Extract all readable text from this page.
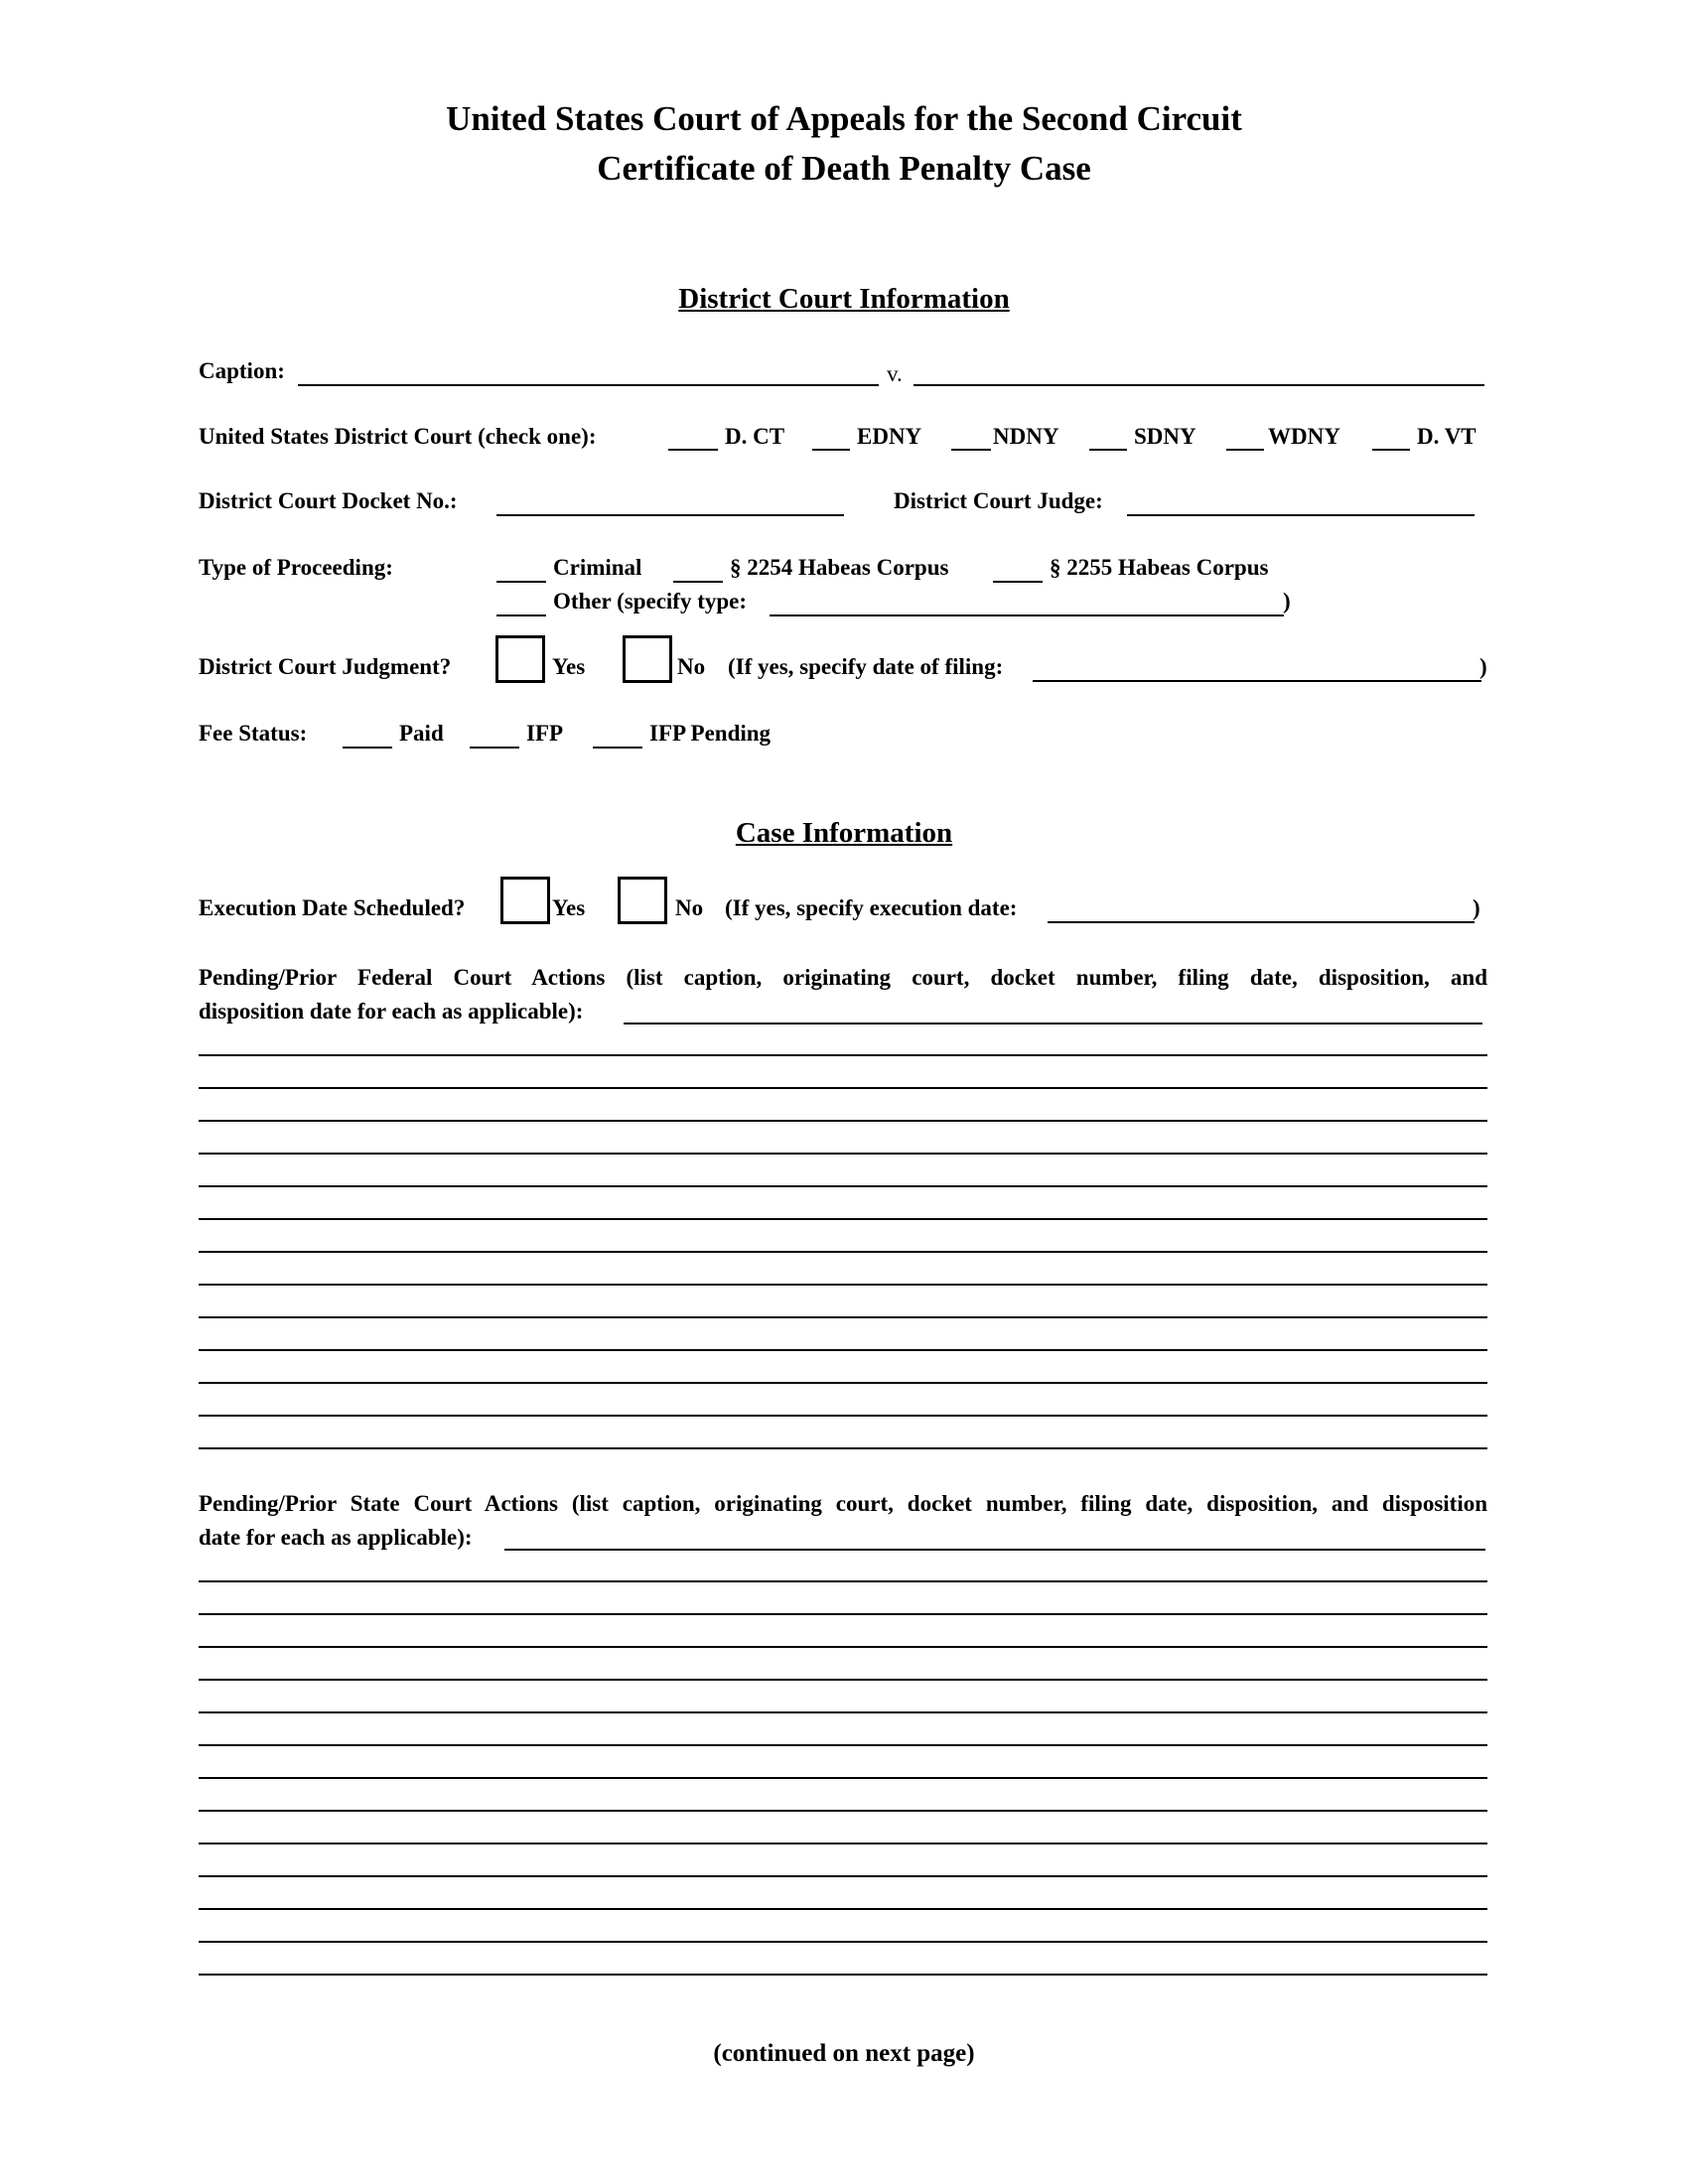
United States Court of Appeals for the Second Circuit
Certificate of Death Penalty Case
District Court Information
Caption:	v.
United States District Court (check one):	D. CT	EDNY	NDNY	SDNY	WDNY	D. VT
District Court Docket No.:	District Court Judge:
Type of Proceeding:	Criminal	§ 2254 Habeas Corpus	§ 2255 Habeas Corpus
Other (specify type:	)
District Court Judgment?	Yes	No (If yes, specify date of filing:	)
Fee Status:	Paid	IFP	IFP Pending
Case Information
Execution Date Scheduled?	Yes	No (If yes, specify execution date:	)
Pending/Prior Federal Court Actions (list caption, originating court, docket number, filing date, disposition, and
disposition date for each as applicable):
Pending/Prior State Court Actions (list caption, originating court, docket number, filing date, disposition, and disposition
date for each as applicable):
(continued on next page)
